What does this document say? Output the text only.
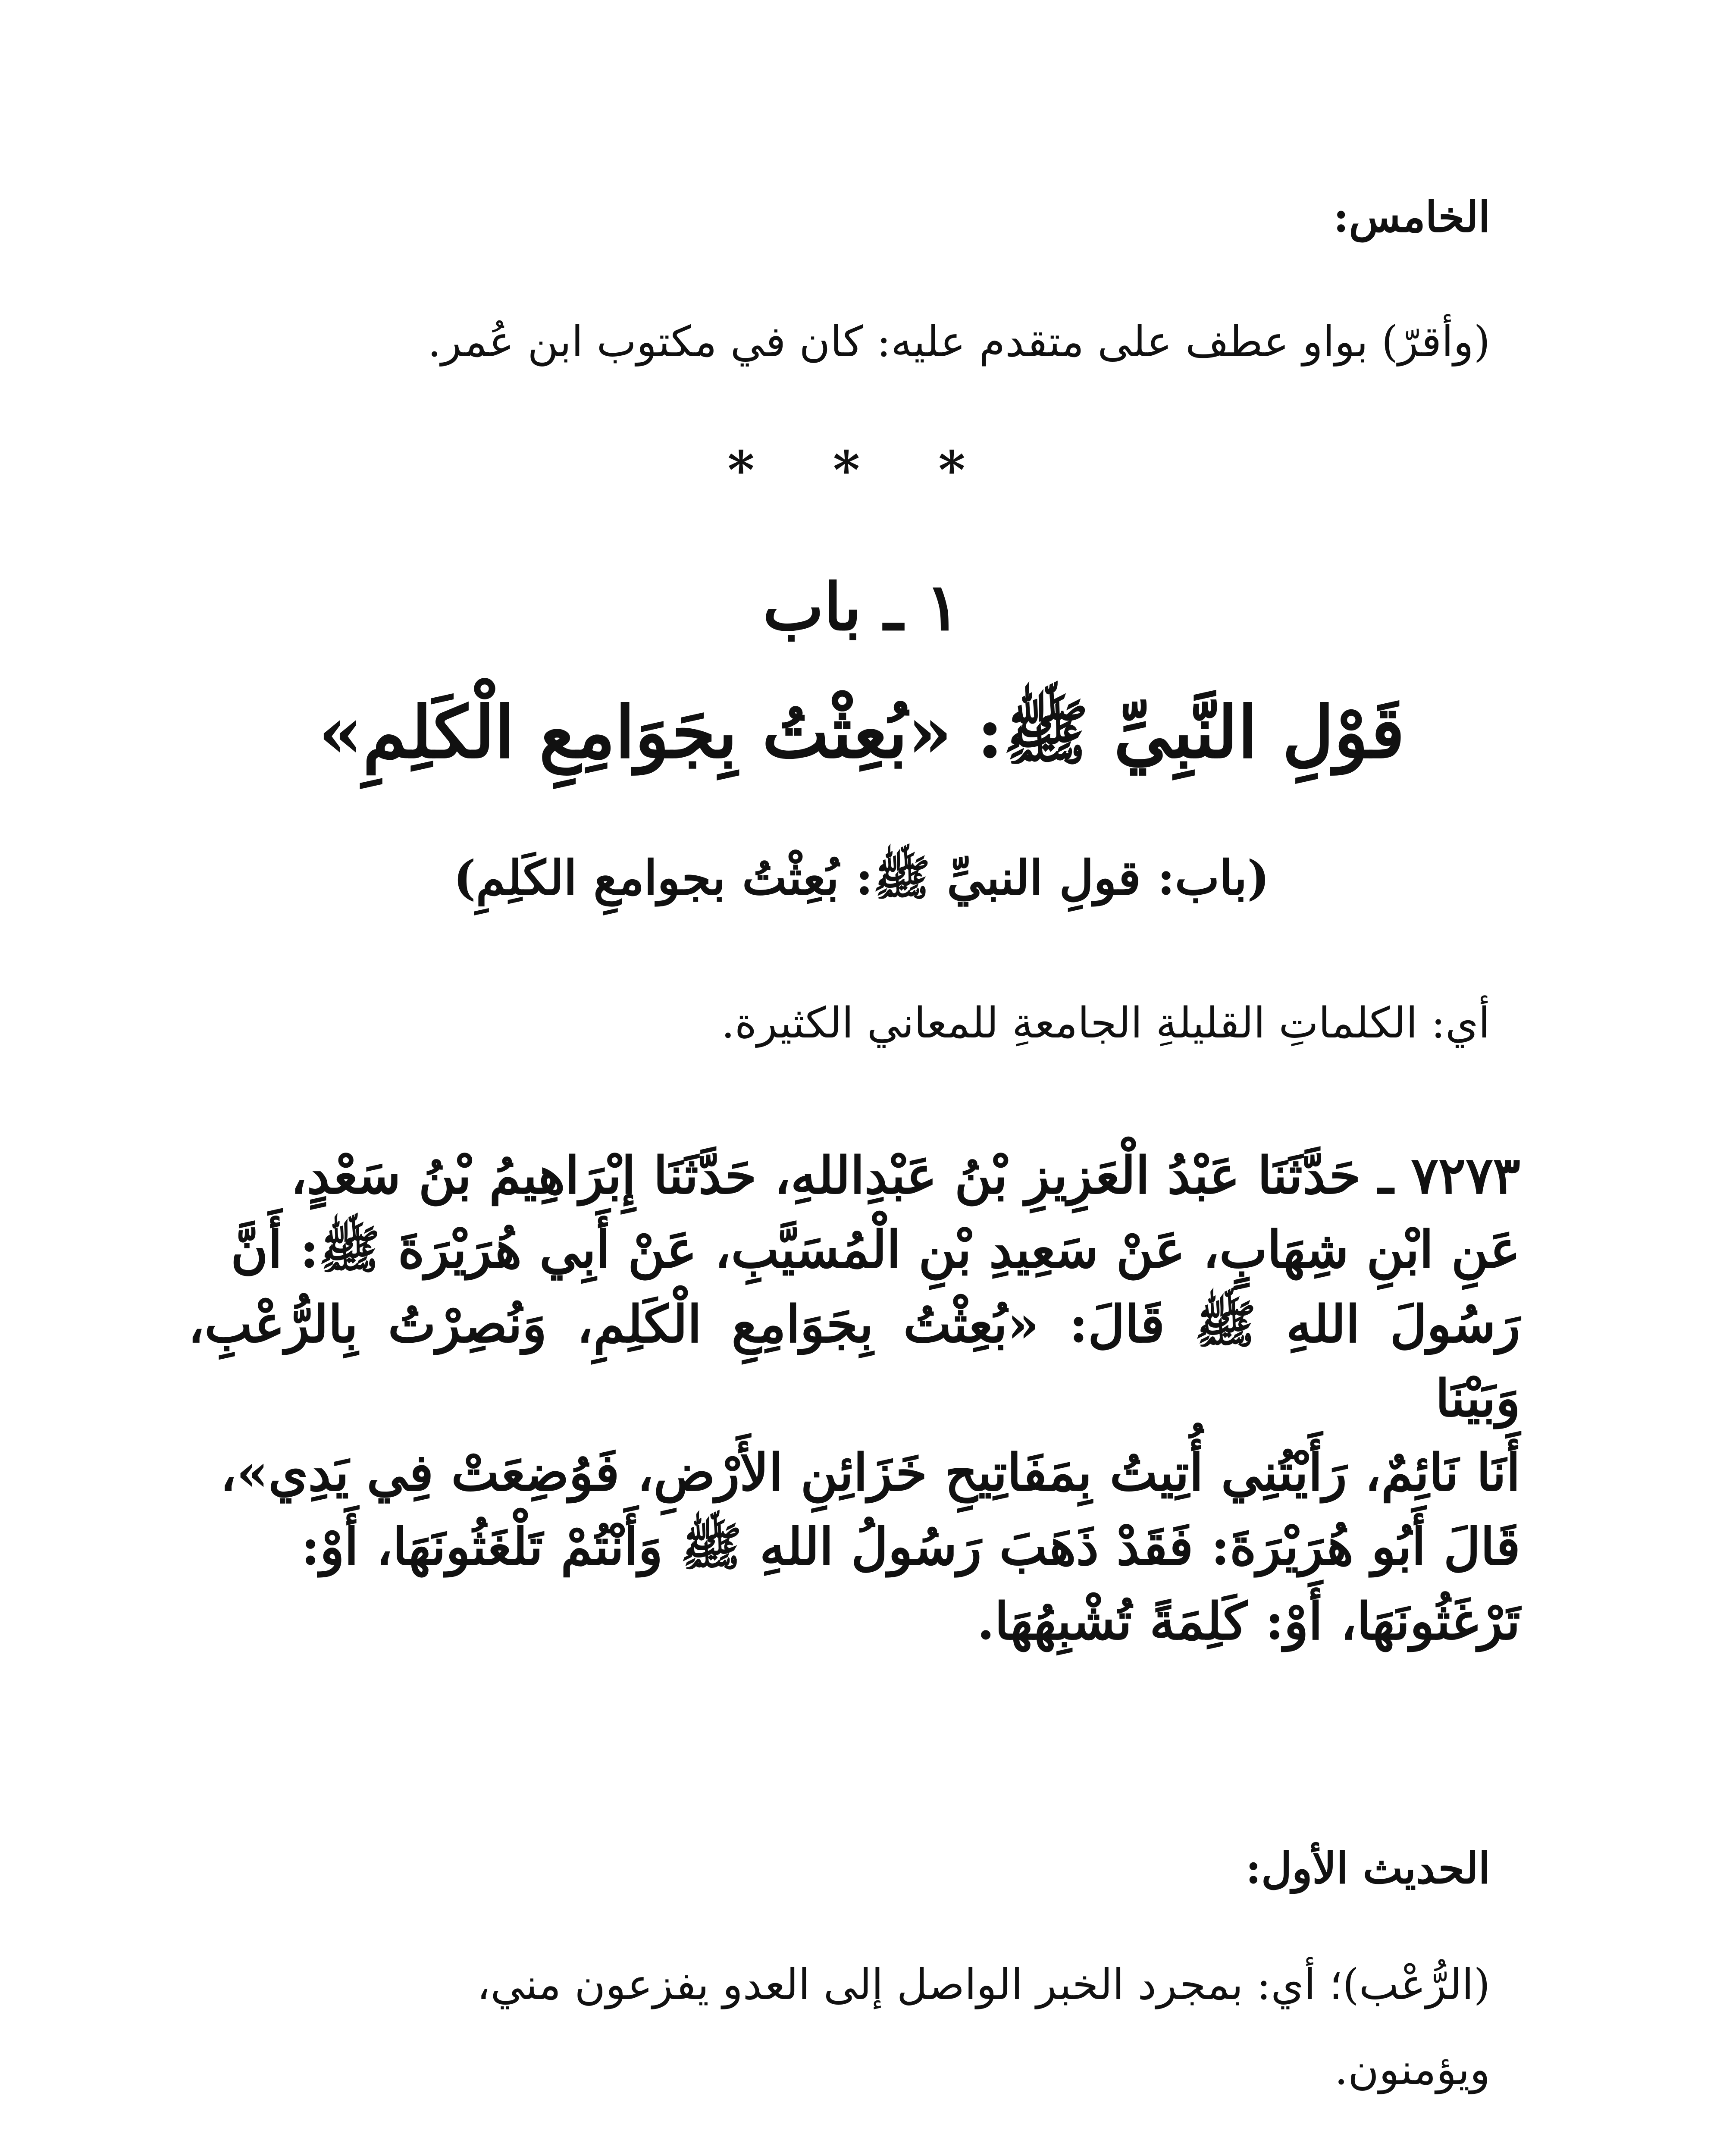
الخامس:
(وأقرّ) بواو عطف على متقدم عليه: كان في مكتوب ابن عُمر.
* * *
١ ـ باب
قَوْلِ النَّبِيِّ ﷺ: «بُعِثْتُ بِجَوَامِعِ الْكَلِمِ»
(باب: قولِ النبيِّ ﷺ: بُعِثْتُ بجوامعِ الكَلِمِ)
أي: الكلماتِ القليلةِ الجامعةِ للمعاني الكثيرة.
٧٢٧٣ ـ حَدَّثَنَا عَبْدُ الْعَزِيزِ بْنُ عَبْدِاللهِ، حَدَّثَنَا إِبْرَاهِيمُ بْنُ سَعْدٍ،
عَنِ ابْنِ شِهَابٍ، عَنْ سَعِيدِ بْنِ الْمُسَيَّبِ، عَنْ أَبِي هُرَيْرَةَ ﷺ: أَنَّ
رَسُولَ اللهِ ﷺ قَالَ: «بُعِثْتُ بِجَوَامِعِ الْكَلِمِ، وَنُصِرْتُ بِالرُّعْبِ، وَبَيْنَا
أَنَا نَائِمٌ، رَأَيْتُنِي أُتِيتُ بِمَفَاتِيحِ خَزَائِنِ الأَرْضِ، فَوُضِعَتْ فِي يَدِي»،
قَالَ أَبُو هُرَيْرَةَ: فَقَدْ ذَهَبَ رَسُولُ اللهِ ﷺ وَأَنْتُمْ تَلْغَثُونَهَا، أَوْ:
تَرْغَثُونَهَا، أَوْ: كَلِمَةً تُشْبِهُهَا.
الحديث الأول:
(الرُّعْب)؛ أي: بمجرد الخبر الواصل إلى العدو يفزعون مني،
ويؤمنون.
